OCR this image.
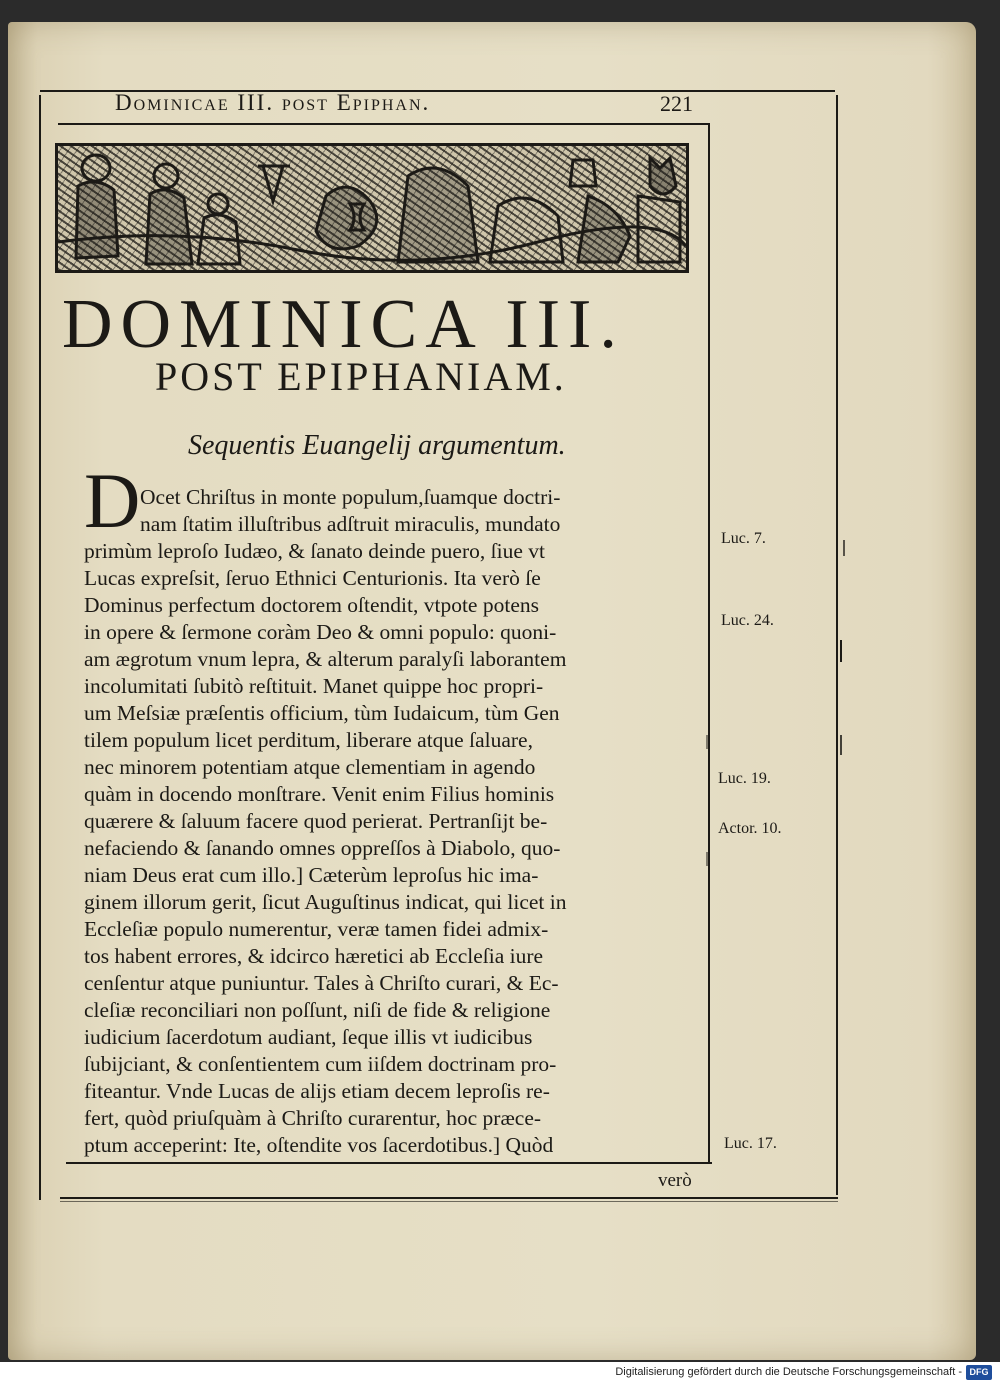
Dominicae III. post Epiphan.	221
DOMINICA III.
POST EPIPHANIAM.
Sequentis Euangelij argumentum.
D Ocet Chriſtus in monte populum,ſuamque doctri-
nam ſtatim illuſtribus adſtruit miraculis, mundato
primùm leproſo Iudæo, & ſanato deinde puero, ſiue vt
Lucas expreſsit, ſeruo Ethnici Centurionis. Ita verò ſe
Dominus perfectum doctorem oſtendit, vtpote potens
in opere & ſermone coràm Deo & omni populo: quoni-
am ægrotum vnum lepra, & alterum paralyſi laborantem
incolumitati ſubitò reſtituit. Manet quippe hoc propri-
um Meſsiæ præſentis officium, tùm Iudaicum, tùm Gen
tilem populum licet perditum, liberare atque ſaluare,
nec minorem potentiam atque clementiam in agendo
quàm in docendo monſtrare. Venit enim Filius hominis
quærere & ſaluum facere quod perierat. Pertranſijt be-
nefaciendo & ſanando omnes oppreſſos à Diabolo, quo-
niam Deus erat cum illo.] Cæterùm leproſus hic ima-
ginem illorum gerit, ſicut Auguſtinus indicat, qui licet in
Eccleſiæ populo numerentur, veræ tamen fidei admix-
tos habent errores, & idcirco hæretici ab Eccleſia iure
cenſentur atque puniuntur. Tales à Chriſto curari, & Ec-
cleſiæ reconciliari non poſſunt, niſi de fide & religione
iudicium ſacerdotum audiant, ſeque illis vt iudicibus
ſubijciant, & conſentientem cum iiſdem doctrinam pro-
fiteantur. Vnde Lucas de alijs etiam decem leproſis re-
fert, quòd priuſquàm à Chriſto curarentur, hoc præce-
ptum acceperint: Ite, oſtendite vos ſacerdotibus.] Quòd
Luc. 7.
Luc. 24.
Luc. 19.
Actor. 10.
Luc. 17.
verò
Digitalisierung gefördert durch die Deutsche Forschungsgemeinschaft - DFG
